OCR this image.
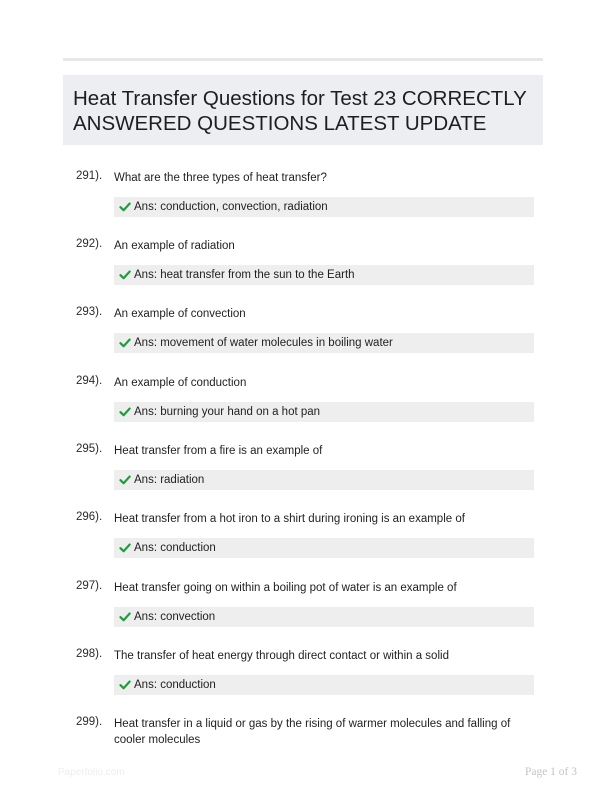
Heat Transfer Questions for Test 23 CORRECTLY
ANSWERED QUESTIONS LATEST UPDATE
291). What are the three types of heat transfer?
Ans: conduction, convection, radiation
292). An example of radiation
Ans: heat transfer from the sun to the Earth
293). An example of convection
Ans: movement of water molecules in boiling water
294). An example of conduction
Ans: burning your hand on a hot pan
295). Heat transfer from a fire is an example of
Ans: radiation
296). Heat transfer from a hot iron to a shirt during ironing is an example of
Ans: conduction
297). Heat transfer going on within a boiling pot of water is an example of
Ans: convection
298). The transfer of heat energy through direct contact or within a solid
Ans: conduction
299). Heat transfer in a liquid or gas by the rising of warmer molecules and falling of cooler molecules
Paperfolio.com	Page 1 of 3
